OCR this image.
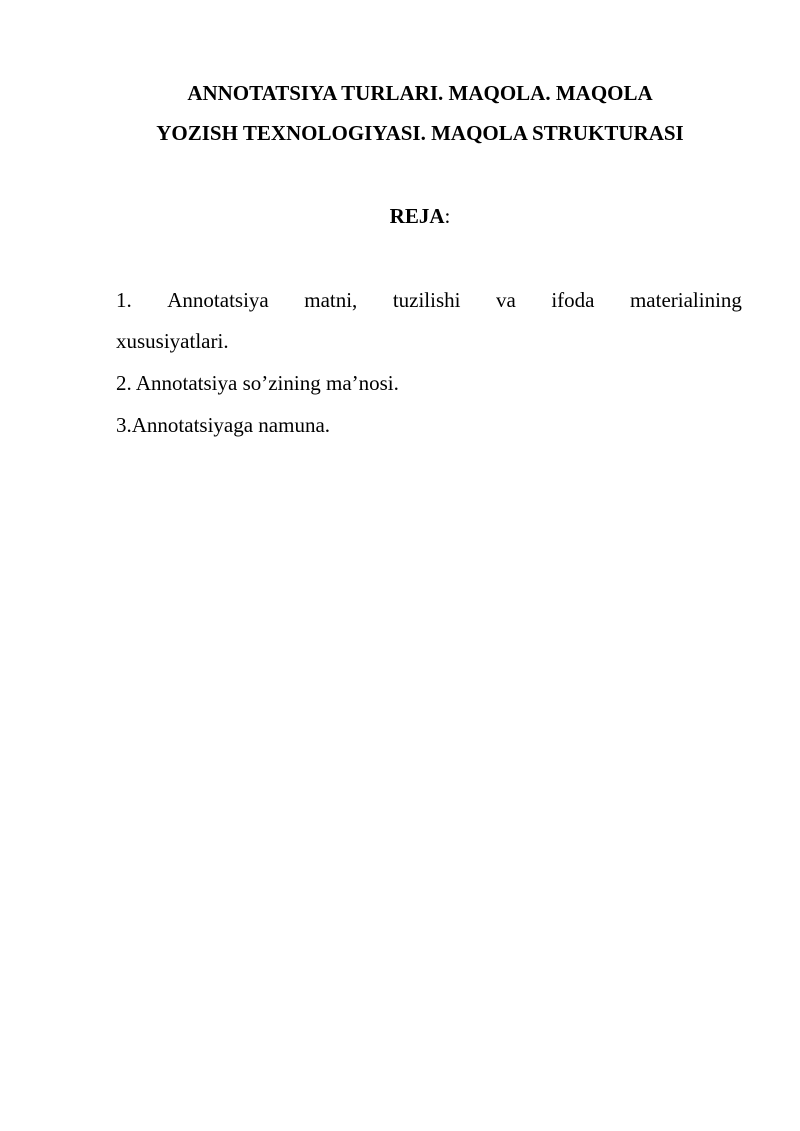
ANNOTATSIYA TURLARI. MAQOLA. MAQOLA
YOZISH TEXNOLOGIYASI. MAQOLA STRUKTURASI
REJA:
1. Annotatsiya matni, tuzilishi va ifoda materialining
xususiyatlari.
2. Annotatsiya so’zining ma’nosi.
3.Annotatsiyaga namuna.
